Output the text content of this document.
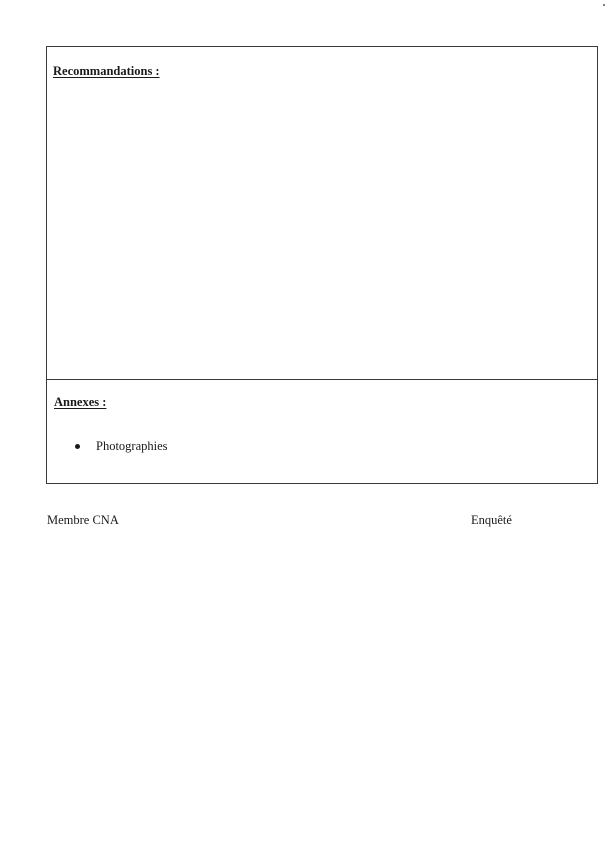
Recommandations :
Annexes :
Photographies
Membre CNA	Enquêté
